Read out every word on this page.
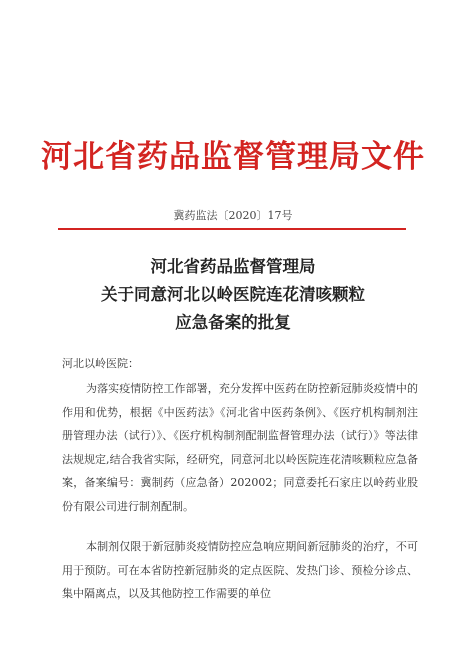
河北省药品监督管理局文件
冀药监法〔2020〕17号
河北省药品监督管理局
关于同意河北以岭医院连花清咳颗粒
应急备案的批复
河北以岭医院：

为落实疫情防控工作部署，充分发挥中医药在防控新冠肺炎疫情中的作用和优势，根据《中医药法》《河北省中医药条例》、《医疗机构制剂注册管理办法（试行）》、《医疗机构制剂配制监督管理办法（试行）》等法律法规规定,结合我省实际，经研究，同意河北以岭医院连花清咳颗粒应急备案，备案编号：冀制药（应急备）202002；同意委托石家庄以岭药业股份有限公司进行制剂配制。

本制剂仅限于新冠肺炎疫情防控应急响应期间新冠肺炎的治疗，不可用于预防。可在本省防控新冠肺炎的定点医院、发热门诊、预检分诊点、集中隔离点，以及其他防控工作需要的单位
